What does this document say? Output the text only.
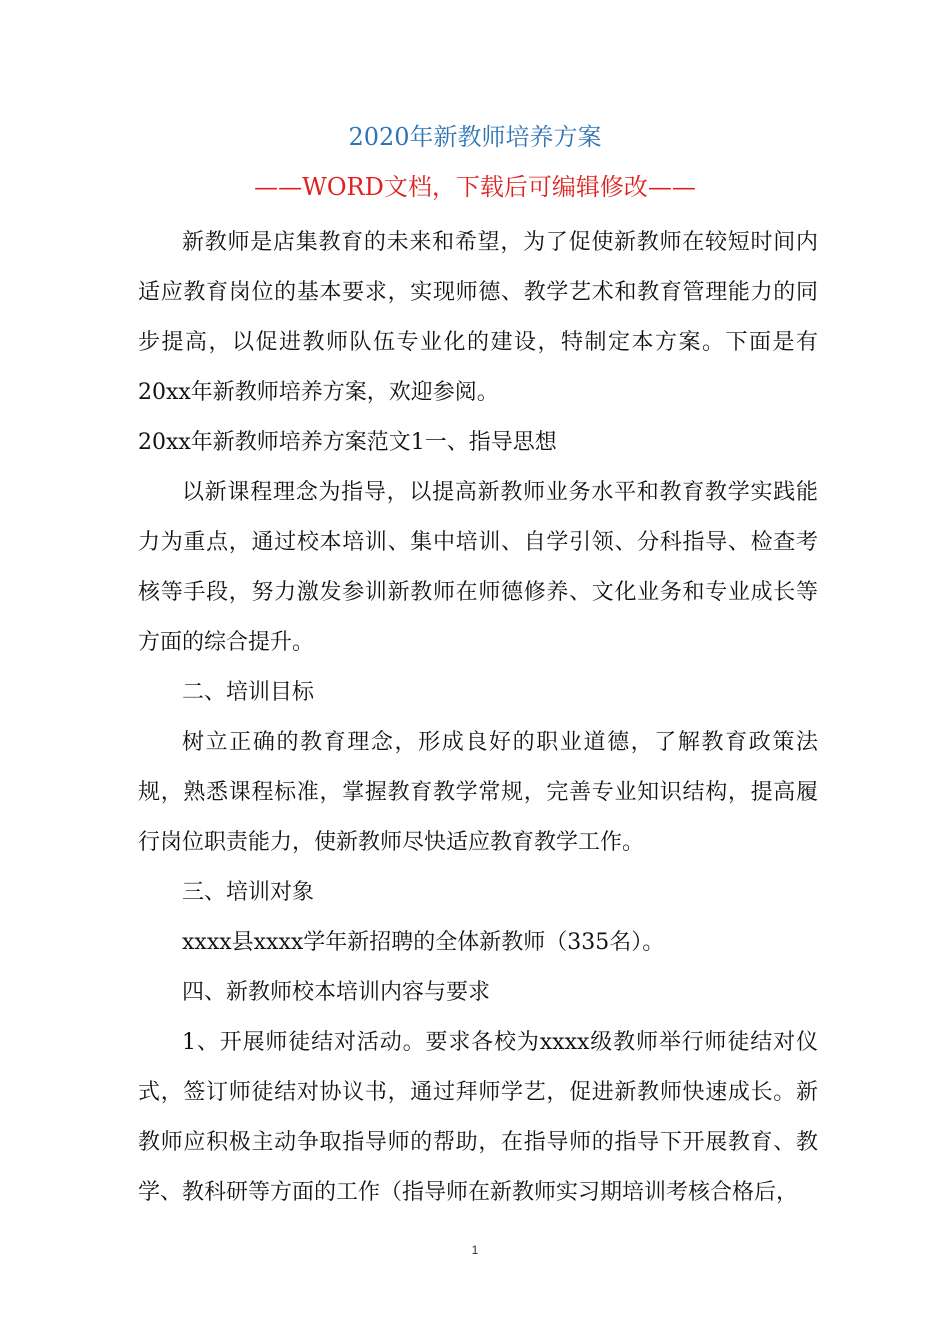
2020年新教师培养方案
——WORD文档，下载后可编辑修改——

新教师是店集教育的未来和希望，为了促使新教师在较短时间内适应教育岗位的基本要求，实现师德、教学艺术和教育管理能力的同步提高，以促进教师队伍专业化的建设，特制定本方案。下面是有20xx年新教师培养方案，欢迎参阅。

20xx年新教师培养方案范文1一、指导思想

以新课程理念为指导，以提高新教师业务水平和教育教学实践能力为重点，通过校本培训、集中培训、自学引领、分科指导、检查考核等手段，努力激发参训新教师在师德修养、文化业务和专业成长等方面的综合提升。

二、培训目标

树立正确的教育理念，形成良好的职业道德，了解教育政策法规，熟悉课程标准，掌握教育教学常规，完善专业知识结构，提高履行岗位职责能力，使新教师尽快适应教育教学工作。

三、培训对象

xxxx县xxxx学年新招聘的全体新教师（335名）。

四、新教师校本培训内容与要求

1、开展师徒结对活动。要求各校为xxxx级教师举行师徒结对仪式，签订师徒结对协议书，通过拜师学艺，促进新教师快速成长。新教师应积极主动争取指导师的帮助，在指导师的指导下开展教育、教学、教科研等方面的工作（指导师在新教师实习期培训考核合格后，

1
